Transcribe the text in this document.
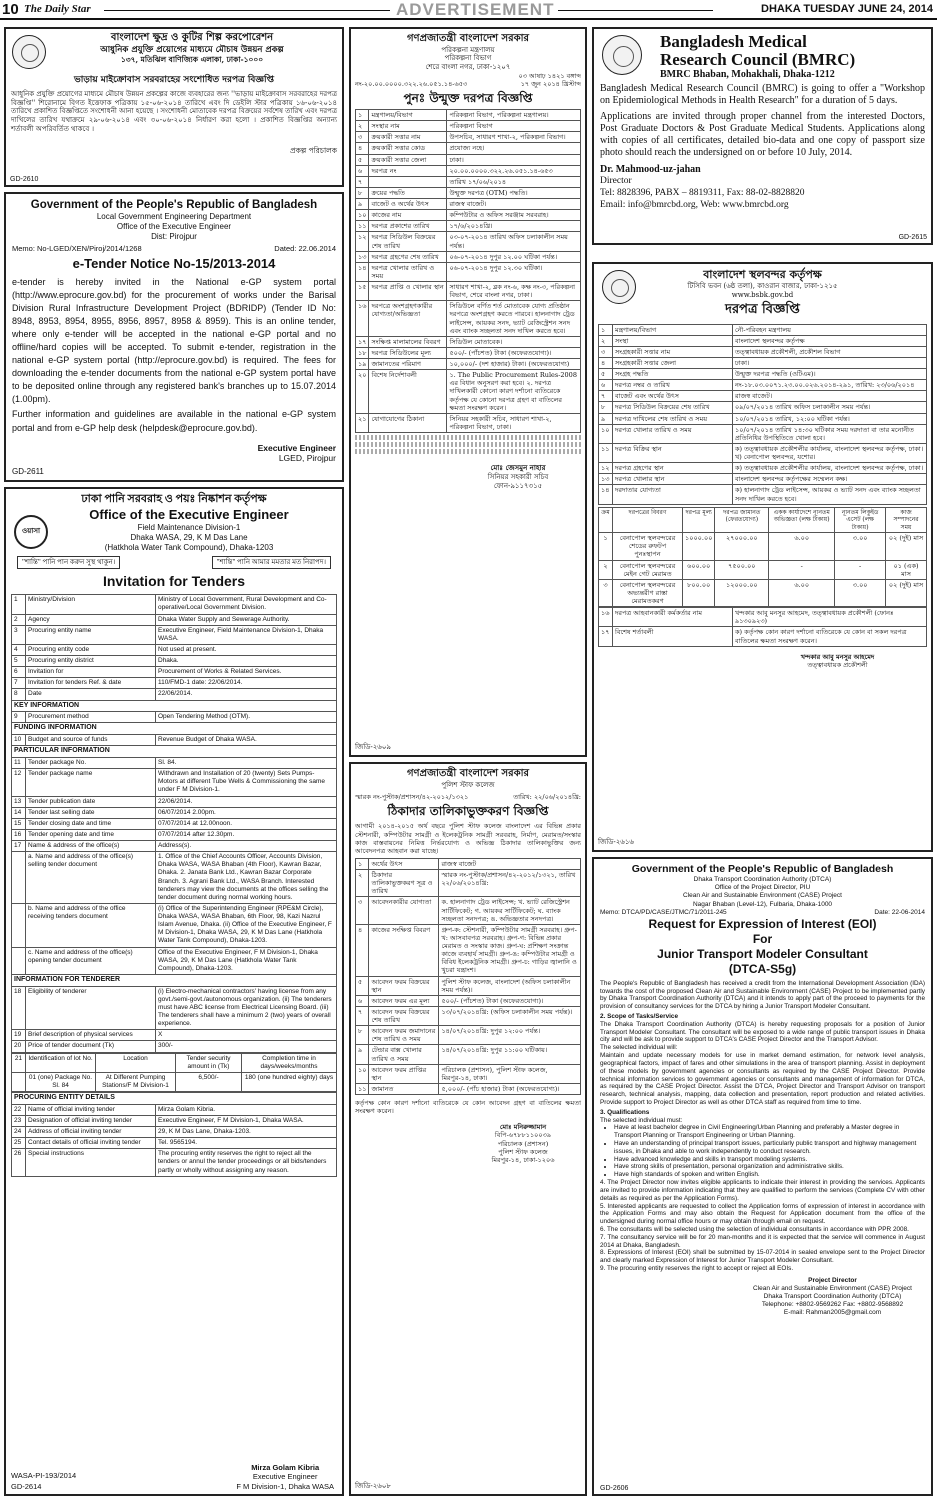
10 The Daily Star	ADVERTISEMENT	DHAKA TUESDAY JUNE 24, 2014
বাংলাদেশ ক্ষুদ্র ও কুটির শিল্প করপোরেশন
আধুনিক প্রযুক্তি প্রয়োগের মাধ্যমে মৌচাষ উন্নয়ন প্রকল্প
১৩৭, মতিঝিল বাণিজ্যিক এলাকা, ঢাকা-১০০০
ভাড়ায় মাইক্রোবাস সরবরাহের সংশোধিত দরপত্র বিজ্ঞপ্তি

আধুনিক প্রযুক্তি প্রয়োগের মাধ্যমে মৌচাষ উন্নয়ন প্রকল্পের কাজে ব্যবহারের জন্য ''ভাড়ায় মাইক্রোবাস সরবরাহের দরপত্র বিজ্ঞপ্তি'' শিরোনামে বিগত ইত্তেফাক পত্রিকায় ১৫-০৬-২০১৪ তারিখে এবং দি ডেইলি স্টার পত্রিকায় ১৬-০৬-২০১৪ তারিখে প্রকাশিত বিজ্ঞপ্তিতে সংশোধনী আনা হয়েছে । সংশোধনী মোতাবেক দরপত্র বিক্রয়ের সর্বশেষ তারিখ এবং দরপত্র দাখিলের তারিখ যথাক্রমে ২৯-০৬-২০১৪ এবং ৩০-০৬-২০১৪ নির্ধারণ করা হলো । প্রকাশিত বিজ্ঞপ্তির অন্যান্য শর্তাবলী অপরিবর্তিত থাকবে ।

প্রকল্প পরিচালক
GD-2610
Government of the People's Republic of Bangladesh
Local Government Engineering Department
Office of the Executive Engineer
Dist: Pirojpur
Memo: No-LGED/XEN/Piroj/2014/1268	Dated: 22.06.2014
e-Tender Notice No-15/2013-2014

e-tender is hereby invited in the National e-GP system portal (http://www.eprocure.gov.bd) for the procurement of works under the Barisal Division Rural Infrastructure Development Project (BDRIDP) (Tender ID No: 8948, 8953, 8954, 8955, 8956, 8957, 8958 & 8959). This is an online tender, where only e-tender will be accepted in the national e-GP portal and no offline/hard copies will be accepted. To submit e-tender, registration in the national e-GP system portal (http://eprocure.gov.bd) is required. The fees for downloading the e-tender documents from the national e-GP system portal have to be deposited online through any registered bank's branches up to 15.07.2014 (1.00pm).

Further information and guidelines are available in the national e-GP system portal and from e-GP help desk (helpdesk@eprocure.gov.bd).

Executive Engineer
LGED, Pirojpur
GD-2611
ঢাকা পানি সরবরাহ ও পয়ঃ নিষ্কাশন কর্তৃপক্ষ
ওয়াসা
Office of the Executive Engineer
Field Maintenance Division-1
Dhaka WASA, 29, K M Das Lane
(Hatkhola Water Tank Compound), Dhaka-1203
"শান্তি" পানি পান করুন সুস্থ থাকুন।	"শান্তি" পানি আমার মমতার মত নিরাপদ।
Invitation for Tenders
1	Ministry/Division	Ministry of Local Government, Rural Development and Co-operative/Local Government Division.
2	Agency	Dhaka Water Supply and Sewerage Authority.
3	Procuring entity name	Executive Engineer, Field Maintenance Division-1, Dhaka WASA.
4	Procuring entity code	Not used at present.
5	Procuring entity district	Dhaka.
6	Invitation for	Procurement of Works & Related Services.
7	Invitation for tenders Ref. & date	110/FMD-1 date: 22/06/2014.
8	Date	22/06/2014.
KEY INFORMATION		
9	Procurement method	Open Tendering Method (OTM).
FUNDING INFORMATION		
10	Budget and source of funds	Revenue Budget of Dhaka WASA.
PARTICULAR INFORMATION		
11	Tender package No.	Sl. 84.
12	Tender package name	Withdrawn and Installation of 20 (twenty) Sets Pumps-Motors at different Tube Wells & Commissioning the same under F M Division-1.
13	Tender publication date	22/06/2014.
14	Tender last selling date	06/07/2014 2.00pm.
15	Tender closing date and time	07/07/2014 at 12.00noon.
16	Tender opening date and time	07/07/2014 after 12.30pm.
17	Name & address of the office(s)	Address(s).
	a. Name and address of the office(s) selling tender document	1. Office of the Chief Accounts Officer, Accounts Division, Dhaka WASA, WASA Bhaban (4th Floor), Kawran Bazar, Dhaka. 2. Janata Bank Ltd., Kawran Bazar Corporate Branch. 3. Agrani Bank Ltd., WASA Branch. Interested tenderers may view the documents at the offices selling the tender document during normal working hours.
	b. Name and address of the office receiving tenders document	(i) Office of the Superintending Engineer (RPE&M Circle), Dhaka WASA, WASA Bhaban, 6th Floor, 98, Kazi Nazrul Islam Avenue, Dhaka. (ii) Office of the Executive Engineer, F M Division-1, Dhaka WASA, 29, K M Das Lane (Hatkhola Water Tank Compound), Dhaka-1203.
	c. Name and address of the office(s) opening tender document	Office of the Executive Engineer, F M Division-1, Dhaka WASA, 29, K M Das Lane (Hatkhola Water Tank Compound), Dhaka-1203.
INFORMATION FOR TENDERER		
18	Eligibility of tenderer	(i) Electro-mechanical contractors' having license from any govt./semi-govt./autonomous organization. (ii) The tenderers must have ABC license from Electrical Licensing Board. (iii) The tenderers shall have a minimum 2 (two) years of overall experience.
19	Brief description of physical services	X
20	Price of tender document (Tk)	300/-
21	Identification of lot No.	Location	Tender security amount in (Tk)	Completion time in days/weeks/months
	01 (one) Package No. Sl. 84	At Different Pumping Stations/F M Division-1	6,500/-	180 (one hundred eighty) days
PROCURING ENTITY DETAILS		
22	Name of official inviting tender	Mirza Golam Kibria.
23	Designation of official inviting tender	Executive Engineer, F M Division-1, Dhaka WASA.
24	Address of official inviting tender	29, K M Das Lane, Dhaka-1203.
25	Contact details of official inviting tender	Tel. 9565194.
26	Special instructions	The procuring entity reserves the right to reject all the tenders or annul the tender proceedings or all bids/tenders partly or wholly without assigning any reason.
WASA-PI-193/2014
GD-2614
Mirza Golam Kibria
Executive Engineer
F M Division-1, Dhaka WASA
গণপ্রজাতন্ত্রী বাংলাদেশ সরকার
পরিকল্পনা মন্ত্রণালয়
পরিকল্পনা বিভাগ
শেরে বাংলা নগর, ঢাকা-১২০৭
০৩ আষাঢ় ১৪২১ বঙ্গাব্দ
নং-২০.০০.০০০০.৩২২.২৬.০৫১.১৪-৬৫৩	১৭ জুন ২০১৪ খ্রিস্টাব্দ
পুনঃ উন্মুক্ত দরপত্র বিজ্ঞপ্তি
১	মন্ত্রণালয়/বিভাগ	পরিকল্পনা বিভাগ, পরিকল্পনা মন্ত্রণালয়।
২	সংস্থার নাম	পরিকল্পনা বিভাগ
৩	ক্রয়কারী সত্তার নাম	উপসচিব, সাধারণ শাখা-২, পরিকল্পনা বিভাগ।
৪	ক্রয়কারী সত্তার কোড	প্রযোজ্য নহে।
৫	ক্রয়কারী সত্তার জেলা	ঢাকা।
৬	দরপত্র নং	২০.০০.০০০০.৩২২.২৬.০৫১.১৪-৬৫৩
৭		তারিখ ১৭/০৬/২০১৪
৮	ক্রয়ের পদ্ধতি	উন্মুক্ত দরপত্র (OTM) পদ্ধতি।
৯	বাজেট ও অর্থের উৎস	রাজস্ব বাজেট।
১০	কাজের নাম	কম্পিউটার ও অফিস সরঞ্জাম সরবরাহ।
১১	দরপত্র প্রকাশের তারিখ	১৭/৬/২০১৪খ্রি।
১২	দরপত্র সিডিউল বিক্রয়ের শেষ তারিখ	০৩-০৭-২০১৪ তারিখ অফিস চলাকালীন সময় পর্যন্ত।
১৩	দরপত্র গ্রহণের শেষ তারিখ	০৬-০৭-২০১৪ দুপুর ১২.০০ ঘটিকা পর্যন্ত।
১৪	দরপত্র খোলার তারিখ ও সময়	০৬-০৭-২০১৪ দুপুর ১২.৩০ ঘটিকা।
১৫	দরপত্র প্রাপ্তি ও খোলার স্থান	সাধারণ শাখা-২, ব্লক নং-৬, কক্ষ নং-৩, পরিকল্পনা বিভাগ, শেরে বাংলা নগর, ঢাকা।
১৬	দরপত্রে অংশগ্রহণকারীর যোগ্যতা/অভিজ্ঞতা	সিডিউলে বর্ণিত শর্ত মোতাবেক যোগ্য প্রতিষ্ঠান দরপত্রে অংশগ্রহণ করতে পারবে। হালনাগাদ ট্রেড লাইসেন্স, আয়কর সনদ, ভ্যাট রেজিস্ট্রেশন সনদ এবং ব্যাংক সচ্ছলতা সনদ দাখিল করতে হবে।
১৭	সংক্ষিপ্ত মালামালের বিবরণ	সিডিউল মোতাবেক।
১৮	দরপত্র সিডিউলের মূল্য	৫০০/- (পাঁচশত) টাকা (অফেরতযোগ্য)।
১৯	জামানতের পরিমাণ	১০,০০০/- (দশ হাজার) টাকা। (অফেরতযোগ্য)
২০	বিশেষ নির্দেশাবলী	১. The Public Procurement Rules-2008 এর বিধান অনুসরণ করা হবে। ২. দরপত্র দাখিলকারী কোনো কারণ দর্শানো ব্যতিরেকে কর্তৃপক্ষ যে কোনো দরপত্র গ্রহণ বা বাতিলের ক্ষমতা সংরক্ষণ করেন।
২১	যোগাযোগের ঠিকানা	সিনিয়র সহকারী সচিব, সাধারণ শাখা-২, পরিকল্পনা বিভাগ, ঢাকা।
মোঃ জেসমুন নাহার
সিনিয়র সহকারী সচিব
ফোন-৯১১৭৩১৫
জিডি-২৬০৯
গণপ্রজাতন্ত্রী বাংলাদেশ সরকার
পুলিশ স্টাফ কলেজ
স্মারক নং-পুস্টাক/প্রশাসন/৪২-২০১২/১৩২১	তারিখ: ২২/০৬/২০১৪খ্রি:
ঠিকাদার তালিকাভুক্তকরণ বিজ্ঞপ্তি

আগামী ২০১৪-২০১৫ অর্থ বছরে পুলিশ স্টাফ কলেজ বাংলাদেশ এর বিভিন্ন প্রকার স্টেশনারী, কম্পিউটার সামগ্রী ও ইলেকট্রনিক সামগ্রী সরবরাহ, নির্মাণ, মেরামত/সংস্কার কাজ বাস্তবায়নের নিমিত্ত নির্ভরযোগ্য ও অভিজ্ঞ ঠিকাদার তালিকাভুক্তির জন্য আবেদনপত্র আহবান করা যাচ্ছে।

১	অর্থের উৎস	রাজস্ব বাজেট
২	ঠিকাদার তালিকাভুক্তকরণ সূত্র ও তারিখ	স্মারক নং-পুস্টাক/প্রশাসন/৪২-২০১২/১৩২১, তারিখ ২২/০৬/২০১৪খ্রি:
৩	আবেদনকারীর যোগ্যতা	ক. হালনাগাদ ট্রেড লাইসেন্স; খ. ভ্যাট রেজিস্ট্রেশন সার্টিফিকেট; গ. আয়কর সার্টিফিকেট; ঘ. ব্যাংক সচ্ছলতা সনদপত্র; ঙ. অভিজ্ঞতার সনদপত্র।
৪	কাজের সংক্ষিপ্ত বিবরণ	গ্রুপ-ক: স্টেশনারী, কম্পিউটার সামগ্রী সরবরাহ। গ্রুপ-খ: আসবাবপত্র সরবরাহ। গ্রুপ-গ: বিভিন্ন প্রকার মেরামত ও সংস্কার কাজ। গ্রুপ-ঘ: প্রশিক্ষণ সংক্রান্ত কাজে ব্যবহার্য সামগ্রী। গ্রুপ-ঙ: কম্পিউটার সামগ্রী ও বিবিধ ইলেকট্রনিক সামগ্রী। গ্রুপ-চ: গাড়ির জ্বালানি ও খুচরা যন্ত্রাংশ।
৫	আবেদন ফরম বিক্রয়ের স্থান	পুলিশ স্টাফ কলেজ, বাংলাদেশ (অফিস চলাকালীন সময় পর্যন্ত)।
৬	আবেদন ফরম এর মূল্য	৫০০/- (পাঁচশত) টাকা (অফেরতযোগ্য)।
৭	আবেদন ফরম বিক্রয়ের শেষ তারিখ	১৩/০৭/২০১৪খ্রি: (অফিস চলাকালীন সময় পর্যন্ত)।
৮	আবেদন ফরম জমাদানের শেষ তারিখ ও সময়	১৪/০৭/২০১৪খ্রি: দুপুর ১২:০০ পর্যন্ত।
৯	টেন্ডার বাক্স খোলার তারিখ ও সময়	১৪/০৭/২০১৪খ্রি: দুপুর ১১:০০ ঘটিকায়।
১০	আবেদন ফরম প্রাপ্তির স্থান	পরিচালক (প্রশাসন), পুলিশ স্টাফ কলেজ, মিরপুর-১৪, ঢাকা।
১১	জামানত	৫,০০০/- (পাঁচ হাজার) টাকা (অফেরতযোগ্য)।

কর্তৃপক্ষ কোন কারণ দর্শানো ব্যতিরেকে যে কোন আবেদন গ্রহণ বা বাতিলের ক্ষমতা সংরক্ষণ করেন।

মোঃ মনিরুজ্জামান
বিপি-৬৭৮৮১১০০৩৯
পরিচালক (প্রশাসন)
পুলিশ স্টাফ কলেজ
মিরপুর-১৪, ঢাকা-১২০৬
জিডি-২৬০৮
Bangladesh Medical
Research Council (BMRC)
BMRC Bhaban, Mohakhali, Dhaka-1212

Bangladesh Medical Research Council (BMRC) is going to offer a "Workshop on Epidemiological Methods in Health Research" for a duration of 5 days.

Applications are invited through proper channel from the interested Doctors, Post Graduate Doctors & Post Graduate Medical Students. Applications along with copies of all certificates, detailed bio-data and one copy of passport size photo should reach the undersigned on or before 10 July, 2014.

Dr. Mahmood-uz-jahan
Director
Tel: 8828396, PABX – 8819311, Fax: 88-02-8828820
Email: info@bmrcbd.org, Web: www.bmrcbd.org
GD-2615
বাংলাদেশ স্থলবন্দর কর্তৃপক্ষ
টিসিবি ভবন (৬ষ্ঠ তলা), কাওরান বাজার, ঢাকা-১২১৫
www.bsbk.gov.bd
দরপত্র বিজ্ঞপ্তি
১	মন্ত্রণালয়/বিভাগ	নৌ-পরিবহন মন্ত্রণালয়
২	সংস্থা	বাংলাদেশ স্থলবন্দর কর্তৃপক্ষ
৩	সংগ্রহকারী সত্তার নাম	তত্ত্বাবধায়ক প্রকৌশলী, প্রকৌশল বিভাগ
৪	সংগ্রহকারী সত্তার জেলা	ঢাকা।
৫	সংগ্রহ পদ্ধতি	উন্মুক্ত দরপত্র পদ্ধতি (ওটিএম)।
৬	দরপত্র নম্বর ও তারিখ	নং-১৮.০৩.০০৭১.২৩.০০.০২৬.২০১৪-২৯১, তারিখ: ২৩/০৬/২০১৪
৭	বাজেট এবং অর্থের উৎস	রাজস্ব বাজেট।
৮	দরপত্র সিডিউল বিক্রয়ের শেষ তারিখ	০৯/০৭/২০১৪ তারিখ অফিস চলাকালীন সময় পর্যন্ত।
৯	দরপত্র দাখিলের শেষ তারিখ ও সময়	১০/০৭/২০১৪ তারিখ, ১২:০০ ঘটিকা পর্যন্ত।
১০	দরপত্র খোলার তারিখ ও সময়	১০/০৭/২০১৪ তারিখ ১৪:৩০ ঘটিকার সময় দরদাতা বা তার মনোনীত প্রতিনিধির উপস্থিতিতে খোলা হবে।
১১	দরপত্র বিক্রির স্থান	ক) তত্ত্বাবধায়ক প্রকৌশলীর কার্যালয়, বাংলাদেশ স্থলবন্দর কর্তৃপক্ষ, ঢাকা। খ) বেনাপোল স্থলবন্দর, যশোর।
১২	দরপত্র গ্রহণের স্থান	ক) তত্ত্বাবধায়ক প্রকৌশলীর কার্যালয়, বাংলাদেশ স্থলবন্দর কর্তৃপক্ষ, ঢাকা।
১৩	দরপত্র খোলার স্থান	বাংলাদেশ স্থলবন্দর কর্তৃপক্ষের সম্মেলন কক্ষ।
১৪	দরদাতার যোগ্যতা	ক) হালনাগাদ ট্রেড লাইসেন্স, আয়কর ও ভ্যাট সনদ এবং ব্যাংক সচ্ছলতা সনদ দাখিল করতে হবে।
ক্রম	দরপত্রের বিবরণ	দরপত্র মূল্য	দরপত্র জামানত (ফেরতযোগ্য)	একক কার্যাদেশে ন্যূনতম অভিজ্ঞতা (লক্ষ টাকায়)	ন্যূনতম লিকুইড এসেট (লক্ষ টাকায়)	কাজ সম্পাদনের সময়
১	বেনাপোল স্থলবন্দরের শেডের রুফটপ পুনঃস্থাপন	১০০০.০০	২৭০০০.০০	৬.০০	৩.০০	০২ (দুই) মাস
২	বেনাপোল স্থলবন্দরের মেইন গেট মেরামত	৬০০.০০	৭৫০০.০০	-	-	০১ (এক) মাস
৩	বেনাপোল স্থলবন্দরের অভ্যন্তরীণ রাস্তা মেরামতকরণ	৮০০.০০	১২০০০.০০	৬.০০	৩.০০	০২ (দুই) মাস
১৬	দরপত্র আহবানকারী কর্মকর্তার নাম	খন্দকার আবু মনসুর আহমেদ, তত্ত্বাবধায়ক প্রকৌশলী (ফোনঃ ৯১৩০৯২৩)
১৭	বিশেষ শর্তাবলী	ক) কর্তৃপক্ষ কোন কারণ দর্শানো ব্যতিরেকে যে কোন বা সকল দরপত্র বাতিলের ক্ষমতা সংরক্ষণ করেন।
খন্দকার আবু মনসুর আহমেদ
তত্ত্বাবধায়ক প্রকৌশলী
জিডি-২৬১৬
Government of the People's Republic of Bangladesh
Dhaka Transport Coordination Authority (DTCA)
Office of the Project Director, PIU
Clean Air and Sustainable Environment (CASE) Project
Nagar Bhaban (Level-12), Fulbaria, Dhaka-1000
Memo: DTCA/PD/CASE/JTMC/71/2011-245	Date: 22-06-2014
Request for Expression of Interest (EOI)
For
Junior Transport Modeler Consultant
(DTCA-S5g)

The People's Republic of Bangladesh has received a credit from the International Development Association (IDA) towards the cost of the proposed Clean Air and Sustainable Environment (CASE) Project to be implemented partly by Dhaka Transport Coordination Authority (DTCA) and it intends to apply part of the proceed to payments for the provision of consultancy services for the DTCA by hiring a Junior Transport Modeler Consultant.

2. Scope of Tasks/Service

The Dhaka Transport Coordination Authority (DTCA) is hereby requesting proposals for a position of Junior Transport Modeler Consultant. The consultant will be exposed to a wide range of public transport issues in Dhaka city and will be ask to provide support to DTCA's CASE Project Director and the Transport Advisor.

The selected individual will:

Maintain and update necessary models for use in market demand estimation, for network level analysis, geographical factors, impact of fares and other simulations in the area of transport planning. Assist in deployment of these models by government agencies or consultants as required by the CASE Project Director. Provide technical information services to government agencies or consultants and management of information for DTCA, as required by the CASE Project Director. Assist the DTCA, Project Director and Transport Advisor on transport research, technical analysis, mapping, data collection and presentation, report production and related activities. Provide support to Project Director as well as other DTCA staff as required from time to time.

3. Qualifications

The selected individual must:

• Have at least bachelor degree in Civil Engineering/Urban Planning and preferably a Master degree in Transport Planning or Transport Engineering or Urban Planning.
• Have an understanding of principal transport issues, particularly public transport and highway management issues, in Dhaka and able to work independently to conduct research.
• Have advanced knowledge and skills in transport modeling systems.
• Have strong skills of presentation, personal organization and administrative skills.
• Have high standards of spoken and written English.

4. The Project Director now invites eligible applicants to indicate their interest in providing the services. Applicants are invited to provide information indicating that they are qualified to perform the services (Complete CV with other details as required as per the Application Forms).

5. Interested applicants are requested to collect the Application forms of expression of interest in accordance with the Application Forms and may also obtain the Request for Application document from the office of the undersigned during normal office hours or may obtain through email on request.

6. The consultants will be selected using the selection of individual consultants in accordance with PPR 2008.

7. The consultancy service will be for 20 man-months and it is expected that the service will commence in August 2014 at Dhaka, Bangladesh.

8. Expressions of Interest (EOI) shall be submitted by 15-07-2014 in sealed envelope sent to the Project Director and clearly marked Expression of Interest for Junior Transport Modeler Consultant.

9. The procuring entity reserves the right to accept or reject all EOIs.

Project Director
Clean Air and Sustainable Environment (CASE) Project
Dhaka Transport Coordination Authority (DTCA)
Telephone: +8802-9569262 Fax: +8802-9568892
E-mail: Rahman2005@gmail.com
GD-2606
